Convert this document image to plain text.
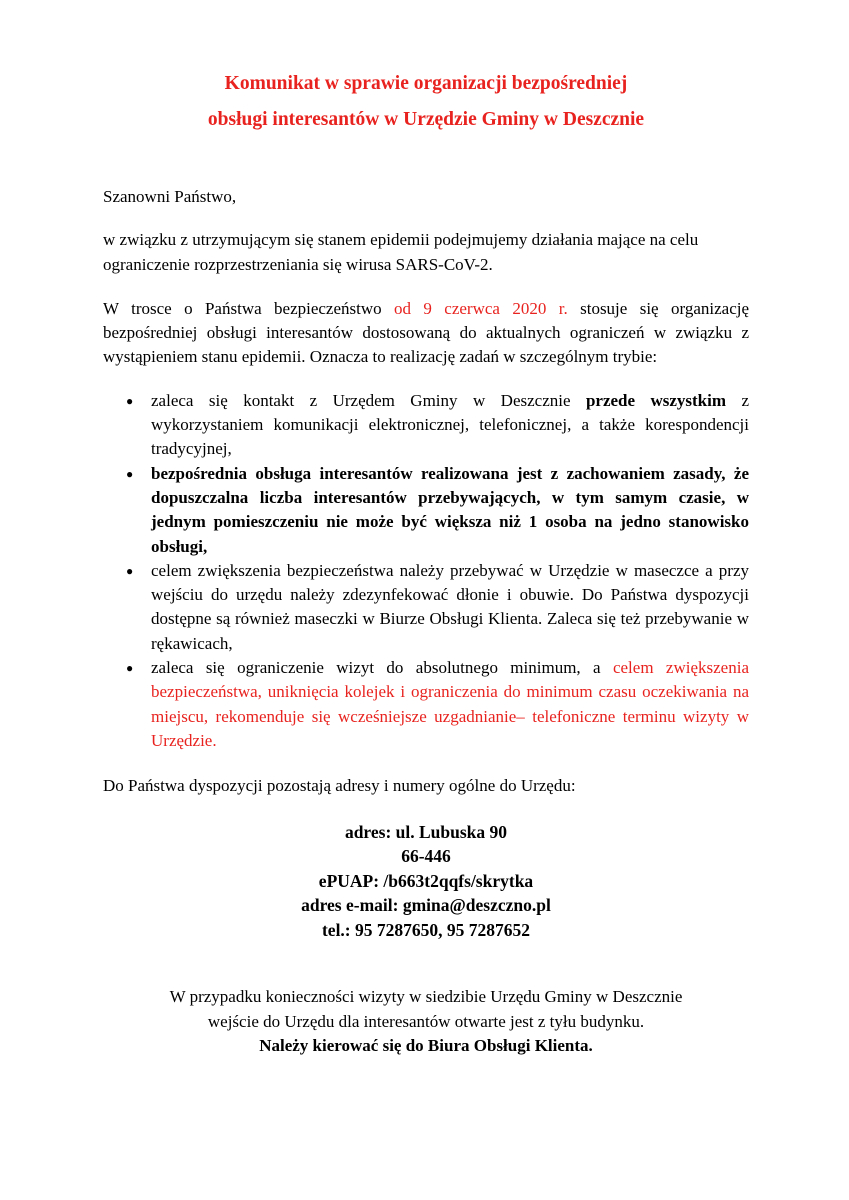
Komunikat w sprawie organizacji bezpośredniej
obsługi interesantów w Urzędzie Gminy w Deszcznie

Szanowni Państwo,

w związku z utrzymującym się stanem epidemii podejmujemy działania mające na celu ograniczenie rozprzestrzeniania się wirusa SARS-CoV-2.

W trosce o Państwa bezpieczeństwo od 9 czerwca 2020 r. stosuje się organizację bezpośredniej obsługi interesantów dostosowaną do aktualnych ograniczeń w związku z wystąpieniem stanu epidemii. Oznacza to realizację zadań w szczególnym trybie:

● zaleca się kontakt z Urzędem Gminy w Deszcznie przede wszystkim z wykorzystaniem komunikacji elektronicznej, telefonicznej, a także korespondencji tradycyjnej,
● bezpośrednia obsługa interesantów realizowana jest z zachowaniem zasady, że dopuszczalna liczba interesantów przebywających, w tym samym czasie, w jednym pomieszczeniu nie może być większa niż 1 osoba na jedno stanowisko obsługi,
● celem zwiększenia bezpieczeństwa należy przebywać w Urzędzie w maseczce a przy wejściu do urzędu należy zdezynfekować dłonie i obuwie. Do Państwa dyspozycji dostępne są również maseczki w Biurze Obsługi Klienta. Zaleca się też przebywanie w rękawicach,
● zaleca się ograniczenie wizyt do absolutnego minimum, a celem zwiększenia bezpieczeństwa, uniknięcia kolejek i ograniczenia do minimum czasu oczekiwania na miejscu, rekomenduje się wcześniejsze uzgadnianie– telefoniczne terminu wizyty w Urzędzie.

Do Państwa dyspozycji pozostają adresy i numery ogólne do Urzędu:

adres: ul. Lubuska 90
66-446
ePUAP: /b663t2qqfs/skrytka
adres e-mail: gmina@deszczno.pl
tel.: 95 7287650, 95 7287652
W przypadku konieczności wizyty w siedzibie Urzędu Gminy w Deszcznie
wejście do Urzędu dla interesantów otwarte jest z tyłu budynku.
Należy kierować się do Biura Obsługi Klienta.
